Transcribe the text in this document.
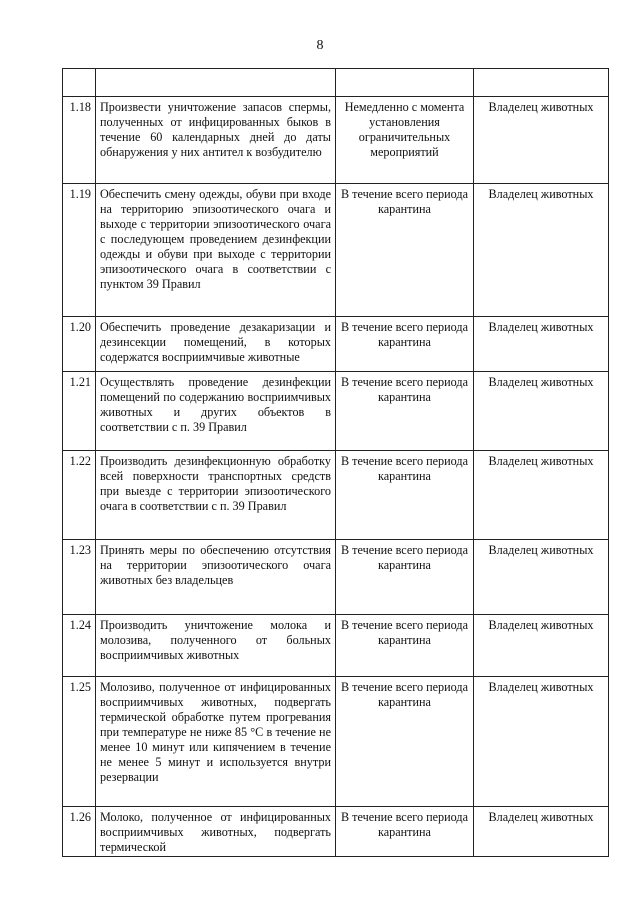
8

1.18	Произвести уничтожение запасов спермы, полученных от инфицированных быков в течение 60 календарных дней до даты обнаружения у них антител к возбудителю	Немедленно с момента установления ограничительных мероприятий	Владелец животных
1.19	Обеспечить смену одежды, обуви при входе на территорию эпизоотического очага и выходе с территории эпизоотического очага с последующем проведением дезинфекции одежды и обуви при выходе с территории эпизоотического очага в соответствии с пунктом 39 Правил	В течение всего периода карантина	Владелец животных
1.20	Обеспечить проведение дезакаризации и дезинсекции помещений, в которых содержатся восприимчивые животные	В течение всего периода карантина	Владелец животных
1.21	Осуществлять проведение дезинфекции помещений по содержанию восприимчивых животных и других объектов в соответствии с п. 39 Правил	В течение всего периода карантина	Владелец животных
1.22	Производить дезинфекционную обработку всей поверхности транспортных средств при выезде с территории эпизоотического очага в соответствии с п. 39 Правил	В течение всего периода карантина	Владелец животных
1.23	Принять меры по обеспечению отсутствия на территории эпизоотического очага животных без владельцев	В течение всего периода карантина	Владелец животных
1.24	Производить уничтожение молока и молозива, полученного от больных восприимчивых животных	В течение всего периода карантина	Владелец животных
1.25	Молозиво, полученное от инфицированных восприимчивых животных, подвергать термической обработке путем прогревания при температуре не ниже 85 °С в течение не менее 10 минут или кипячением в течение не менее 5 минут и используется внутри резервации	В течение всего периода карантина	Владелец животных
1.26	Молоко, полученное от инфицированных восприимчивых животных, подвергать термической	В течение всего периода карантина	Владелец животных
